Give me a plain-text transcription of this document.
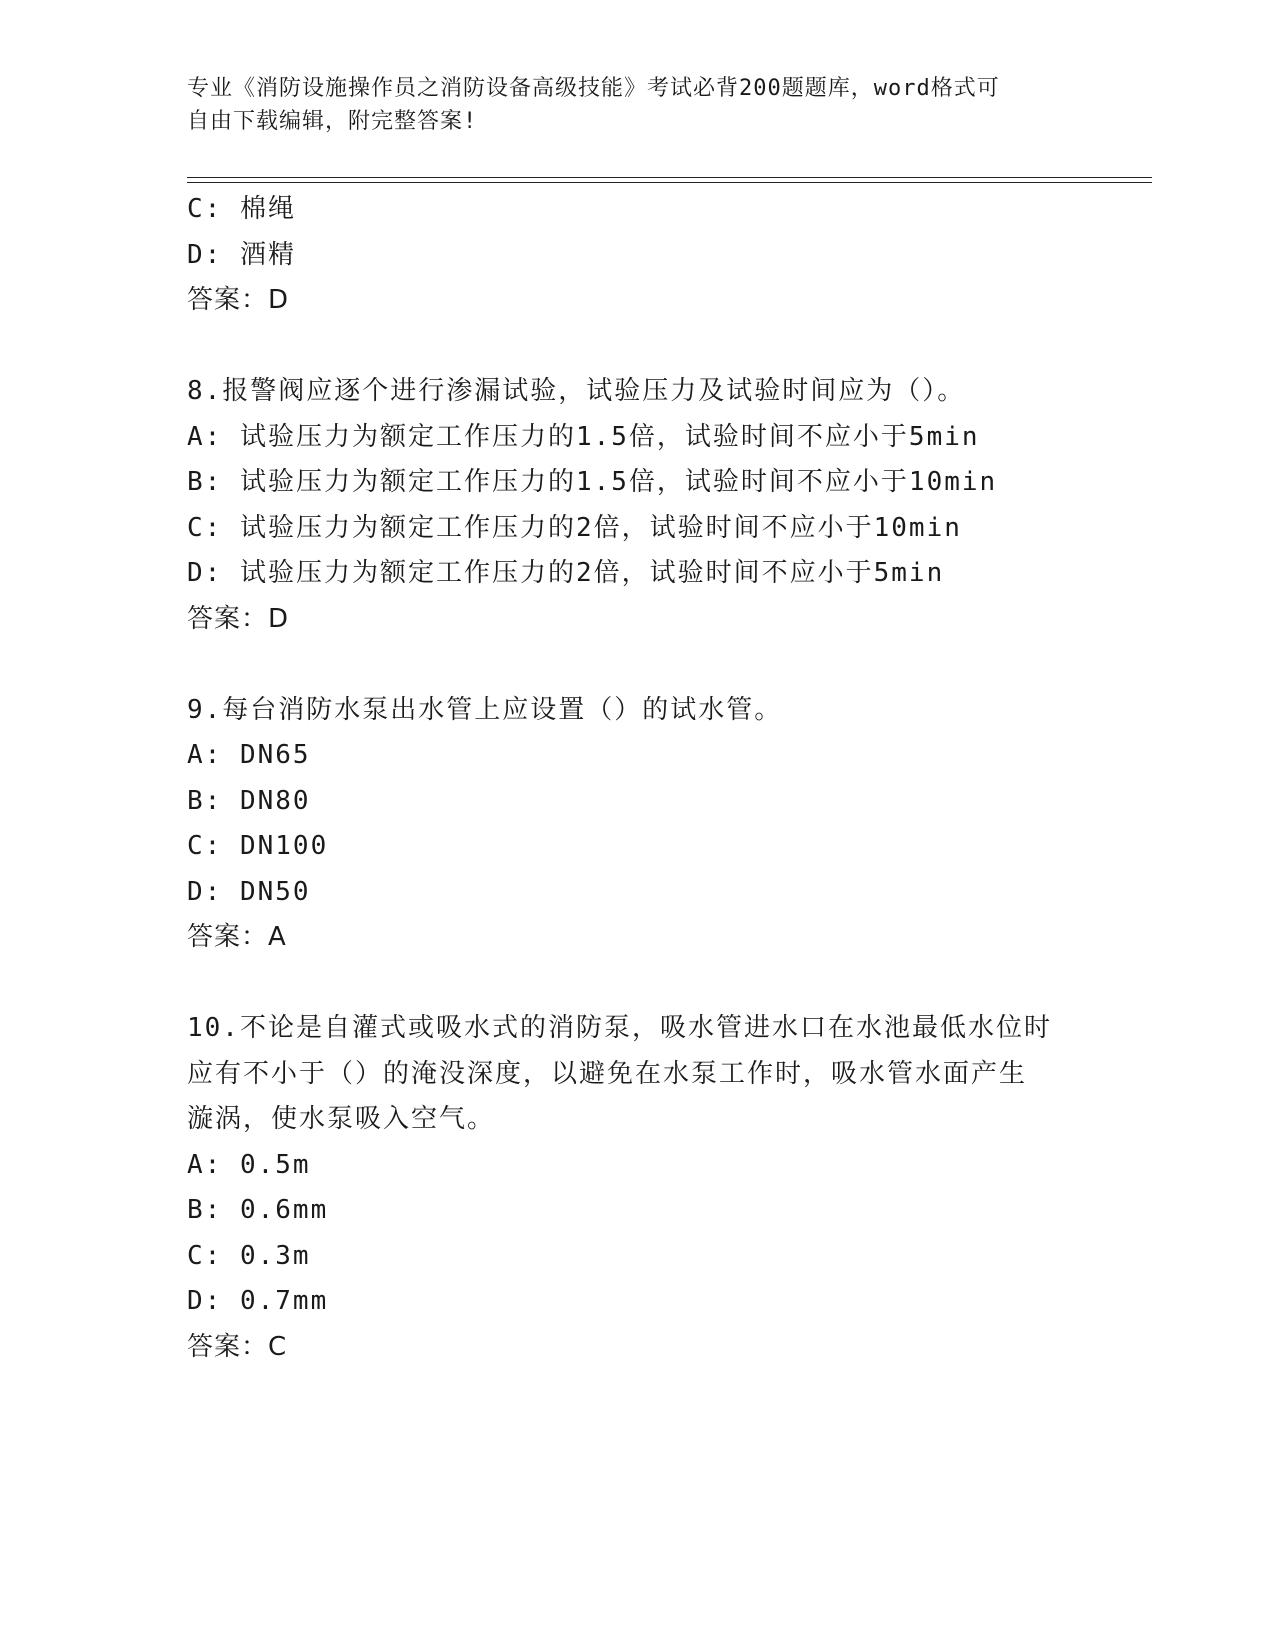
专业《消防设施操作员之消防设备高级技能》考试必背200题题库，word格式可
自由下载编辑，附完整答案!
C: 棉绳
D: 酒精
答案：D
8.报警阀应逐个进行渗漏试验，试验压力及试验时间应为（）。
A: 试验压力为额定工作压力的1.5倍，试验时间不应小于5min
B: 试验压力为额定工作压力的1.5倍，试验时间不应小于10min
C: 试验压力为额定工作压力的2倍，试验时间不应小于10min
D: 试验压力为额定工作压力的2倍，试验时间不应小于5min
答案：D
9.每台消防水泵出水管上应设置（）的试水管。
A: DN65
B: DN80
C: DN100
D: DN50
答案：A
10.不论是自灌式或吸水式的消防泵，吸水管进水口在水池最低水位时
应有不小于（）的淹没深度，以避免在水泵工作时，吸水管水面产生
漩涡，使水泵吸入空气。
A: 0.5m
B: 0.6mm
C: 0.3m
D: 0.7mm
答案：C
